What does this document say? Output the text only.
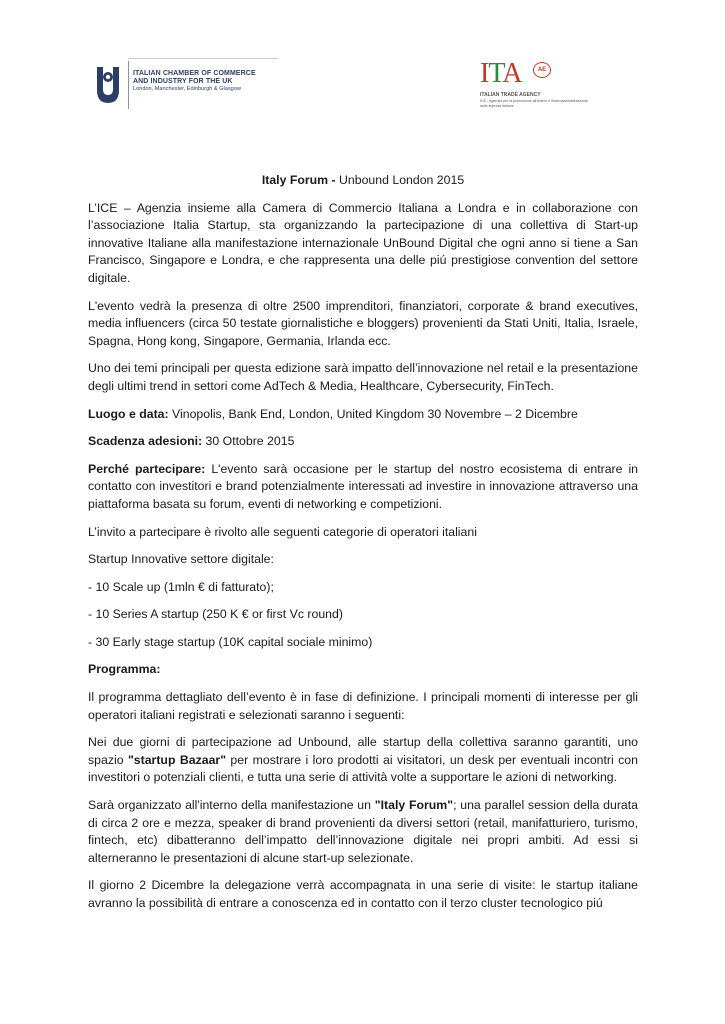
ITALIAN CHAMBER OF COMMERCE
AND INDUSTRY FOR THE UK
London, Manchester, Edinburgh & Glasgow	ITA	AE
ITALIAN TRADE AGENCY
ICE - Agenzia per la promozione all'estero e l'internazionalizzazione delle imprese italiane

Italy Forum - Unbound London 2015

L’ICE – Agenzia insieme alla Camera di Commercio Italiana a Londra e in collaborazione con l’associazione Italia Startup, sta organizzando la partecipazione di una collettiva di Start-up innovative Italiane alla manifestazione internazionale UnBound Digital che ogni anno si tiene a San Francisco, Singapore e Londra, e che rappresenta una delle piú prestigiose convention del settore digitale.

L'evento vedrà la presenza di oltre 2500 imprenditori, finanziatori, corporate & brand executives, media influencers (circa 50 testate giornalistiche e bloggers) provenienti da Stati Uniti, Italia, Israele, Spagna, Hong kong, Singapore, Germania, Irlanda ecc.

Uno dei temi principali per questa edizione sarà impatto dell’innovazione nel retail e la presentazione degli ultimi trend in settori come AdTech & Media, Healthcare, Cybersecurity, FinTech.

Luogo e data: Vinopolis, Bank End, London, United Kingdom 30 Novembre – 2 Dicembre

Scadenza adesioni: 30 Ottobre 2015

Perché partecipare: L'evento sarà occasione per le startup del nostro ecosistema di entrare in contatto con investitori e brand potenzialmente interessati ad investire in innovazione attraverso una piattaforma basata su forum, eventi di networking e competizioni.

L’invito a partecipare è rivolto alle seguenti categorie di operatori italiani

Startup Innovative settore digitale:

- 10 Scale up (1mln € di fatturato);

- 10 Series A startup (250 K € or first Vc round)

- 30 Early stage startup (10K capital sociale minimo)

Programma:

Il programma dettagliato dell’evento è in fase di definizione. I principali momenti di interesse per gli operatori italiani registrati e selezionati saranno i seguenti:

Nei due giorni di partecipazione ad Unbound, alle startup della collettiva saranno garantiti, uno spazio "startup Bazaar" per mostrare i loro prodotti ai visitatori, un desk per eventuali incontri con investitori o potenziali clienti, e tutta una serie di attività volte a supportare le azioni di networking.

Sarà organizzato all'interno della manifestazione un "Italy Forum"; una parallel session della durata di circa 2 ore e mezza, speaker di brand provenienti da diversi settori (retail, manifatturiero, turismo, fintech, etc) dibatteranno dell’impatto dell’innovazione digitale nei propri ambiti. Ad essi si alterneranno le presentazioni di alcune start-up selezionate.

Il giorno 2 Dicembre la delegazione verrà accompagnata in una serie di visite: le startup italiane avranno la possibilità di entrare a conoscenza ed in contatto con il terzo cluster tecnologico piú
